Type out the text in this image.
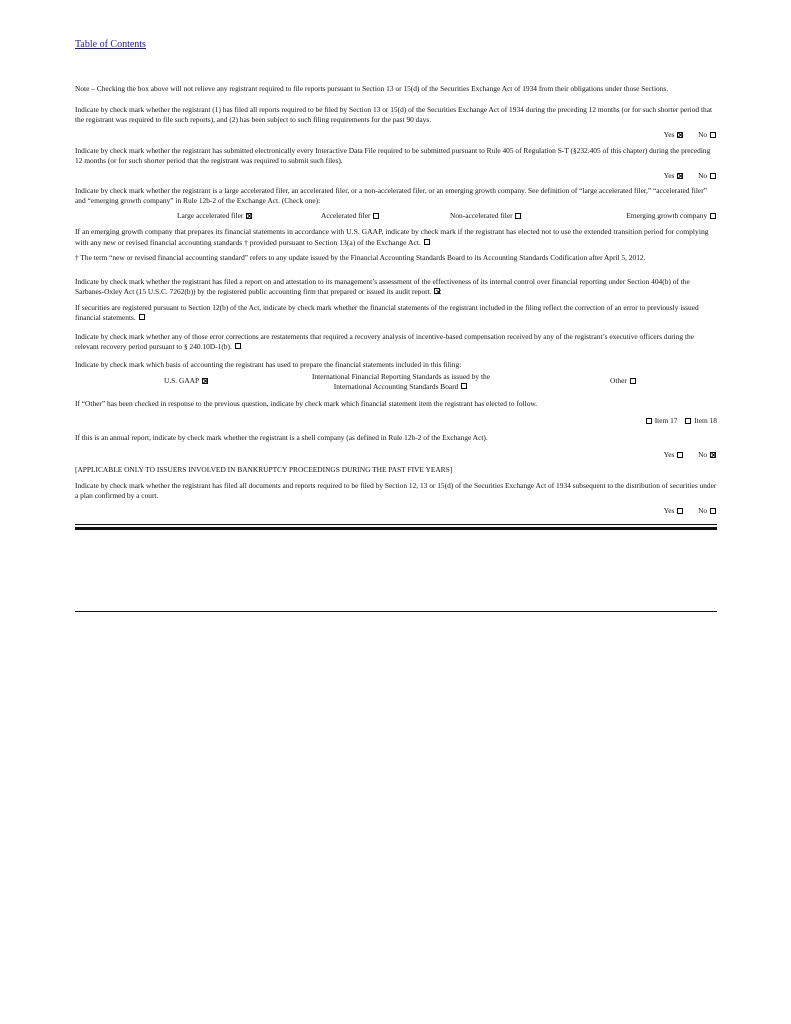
Table of Contents
Note – Checking the box above will not relieve any registrant required to file reports pursuant to Section 13 or 15(d) of the Securities Exchange Act of 1934 from their obligations under those Sections.
Indicate by check mark whether the registrant (1) has filed all reports required to be filed by Section 13 or 15(d) of the Securities Exchange Act of 1934 during the preceding 12 months (or for such shorter period that the registrant was required to file such reports), and (2) has been subject to such filing requirements for the past 90 days.
Yes	No
Indicate by check mark whether the registrant has submitted electronically every Interactive Data File required to be submitted pursuant to Rule 405 of Regulation S-T (§232.405 of this chapter) during the preceding 12 months (or for such shorter period that the registrant was required to submit such files).
Yes	No
Indicate by check mark whether the registrant is a large accelerated filer, an accelerated filer, or a non-accelerated filer, or an emerging growth company. See definition of “large accelerated filer,” “accelerated filer” and “emerging growth company” in Rule 12b-2 of the Exchange Act. (Check one):
Large accelerated filer	Accelerated filer	Non-accelerated filer	Emerging growth company
If an emerging growth company that prepares its financial statements in accordance with U.S. GAAP, indicate by check mark if the registrant has elected not to use the extended transition period for complying with any new or revised financial accounting standards † provided pursuant to Section 13(a) of the Exchange Act.
† The term “new or revised financial accounting standard” refers to any update issued by the Financial Accounting Standards Board to its Accounting Standards Codification after April 5, 2012.
Indicate by check mark whether the registrant has filed a report on and attestation to its management’s assessment of the effectiveness of its internal control over financial reporting under Section 404(b) of the Sarbanes-Oxley Act (15 U.S.C. 7262(b)) by the registered public accounting firm that prepared or issued its audit report.
If securities are registered pursuant to Section 12(b) of the Act, indicate by check mark whether the financial statements of the registrant included in the filing reflect the correction of an error to previously issued financial statements.
Indicate by check mark whether any of those error corrections are restatements that required a recovery analysis of incentive-based compensation received by any of the registrant’s executive officers during the relevant recovery period pursuant to § 240.10D-1(b).
Indicate by check mark which basis of accounting the registrant has used to prepare the financial statements included in this filing:
U.S. GAAP	International Financial Reporting Standards as issued by the
International Accounting Standards Board
Other
If “Other” has been checked in response to the previous question, indicate by check mark which financial statement item the registrant has elected to follow.
Item 17 Item 18
If this is an annual report, indicate by check mark whether the registrant is a shell company (as defined in Rule 12b-2 of the Exchange Act).
Yes	No
[APPLICABLE ONLY TO ISSUERS INVOLVED IN BANKRUPTCY PROCEEDINGS DURING THE PAST FIVE YEARS]
Indicate by check mark whether the registrant has filed all documents and reports required to be filed by Section 12, 13 or 15(d) of the Securities Exchange Act of 1934 subsequent to the distribution of securities under a plan confirmed by a court.
Yes	No
